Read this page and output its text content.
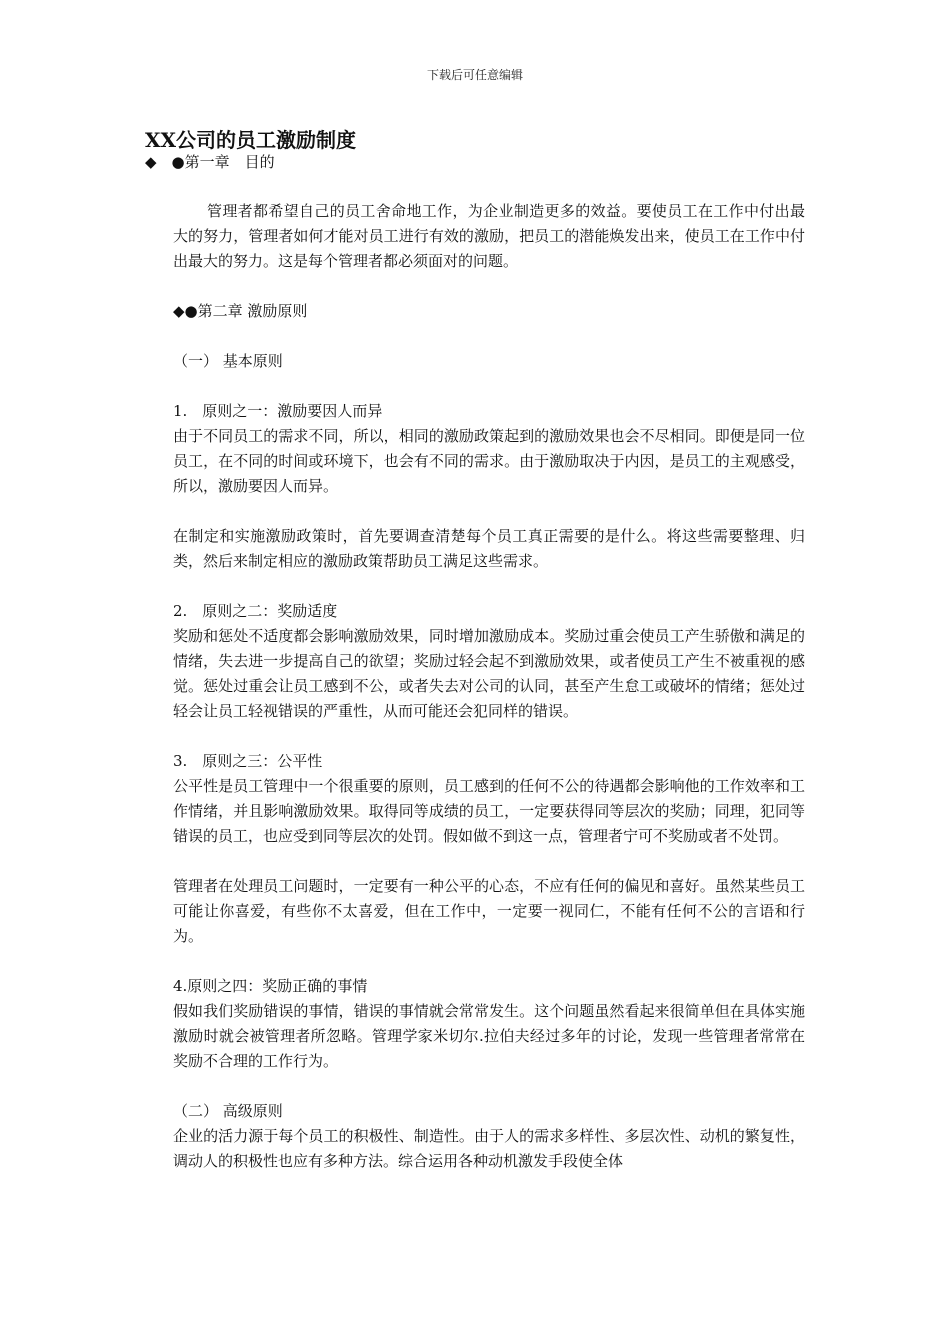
下载后可任意编辑
XX公司的员工激励制度
◆　●第一章　目的

管理者都希望自己的员工舍命地工作，为企业制造更多的效益。要使员工在工作中付出最大的努力，管理者如何才能对员工进行有效的激励，把员工的潜能焕发出来，使员工在工作中付出最大的努力。这是每个管理者都必须面对的问题。

◆●第二章 激励原则

（一） 基本原则

1.　原则之一：激励要因人而异

由于不同员工的需求不同，所以，相同的激励政策起到的激励效果也会不尽相同。即便是同一位员工，在不同的时间或环境下，也会有不同的需求。由于激励取决于内因，是员工的主观感受，所以，激励要因人而异。

在制定和实施激励政策时，首先要调查清楚每个员工真正需要的是什么。将这些需要整理、归类，然后来制定相应的激励政策帮助员工满足这些需求。

2.　原则之二：奖励适度

奖励和惩处不适度都会影响激励效果，同时增加激励成本。奖励过重会使员工产生骄傲和满足的情绪，失去进一步提高自己的欲望；奖励过轻会起不到激励效果，或者使员工产生不被重视的感觉。惩处过重会让员工感到不公，或者失去对公司的认同，甚至产生怠工或破坏的情绪；惩处过轻会让员工轻视错误的严重性，从而可能还会犯同样的错误。

3.　原则之三：公平性

公平性是员工管理中一个很重要的原则，员工感到的任何不公的待遇都会影响他的工作效率和工作情绪，并且影响激励效果。取得同等成绩的员工，一定要获得同等层次的奖励；同理，犯同等错误的员工，也应受到同等层次的处罚。假如做不到这一点，管理者宁可不奖励或者不处罚。

管理者在处理员工问题时，一定要有一种公平的心态，不应有任何的偏见和喜好。虽然某些员工可能让你喜爱，有些你不太喜爱，但在工作中，一定要一视同仁，不能有任何不公的言语和行为。

4.原则之四：奖励正确的事情

假如我们奖励错误的事情，错误的事情就会常常发生。这个问题虽然看起来很简单但在具体实施激励时就会被管理者所忽略。管理学家米切尔.拉伯夫经过多年的讨论，发现一些管理者常常在奖励不合理的工作行为。

（二） 高级原则

企业的活力源于每个员工的积极性、制造性。由于人的需求多样性、多层次性、动机的繁复性，调动人的积极性也应有多种方法。综合运用各种动机激发手段使全体
